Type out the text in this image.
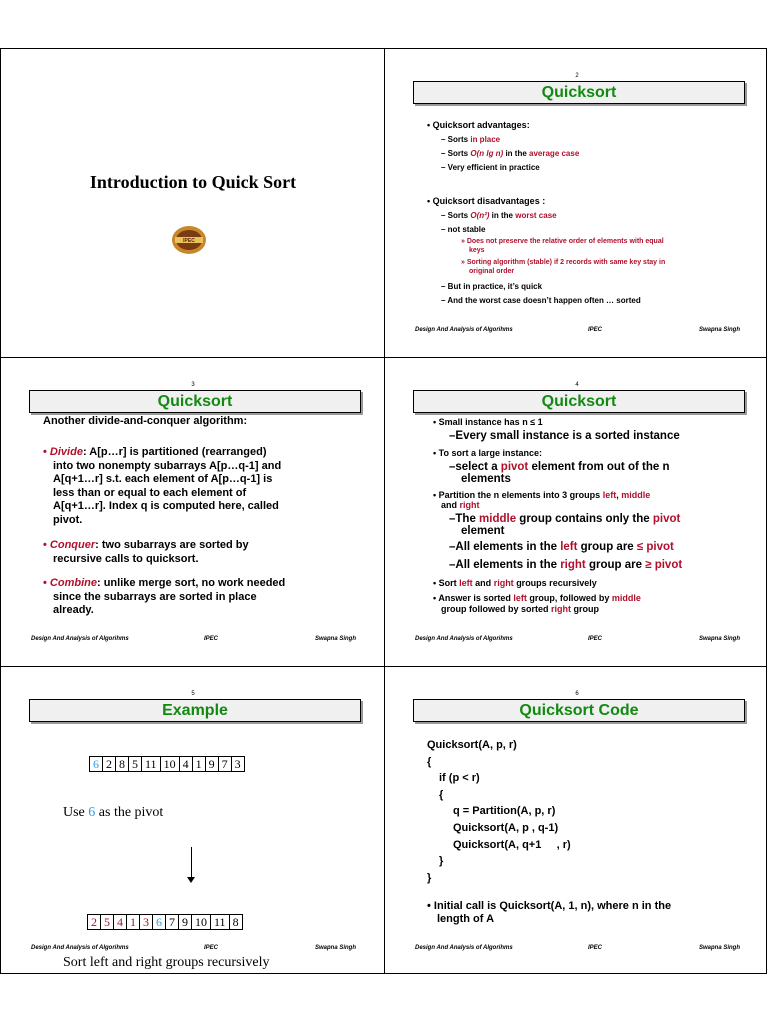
Introduction to Quick Sort
IPEC
2
Quicksort
• Quicksort advantages:
– Sorts in place
– Sorts O(n lg n) in the average case
– Very efficient in practice
• Quicksort disadvantages :
– Sorts O(n²) in the worst case
– not stable
» Does not preserve the relative order of elements with equal
keys
» Sorting algorithm (stable) if 2 records with same key stay in
original order
– But in practice, it’s quick
– And the worst case doesn’t happen often … sorted
Design And Analysis of Algorihms	IPEC	Swapna Singh
3
Quicksort
Another divide-and-conquer algorithm:
• Divide: A[p…r] is partitioned (rearranged)
into two nonempty subarrays A[p…q-1] and
A[q+1…r] s.t. each element of A[p…q-1] is
less than or equal to each element of
A[q+1…r]. Index q is computed here, called
pivot.
• Conquer: two subarrays are sorted by
recursive calls to quicksort.
• Combine: unlike merge sort, no work needed
since the subarrays are sorted in place
already.
Design And Analysis of Algorihms	IPEC	Swapna Singh
4
Quicksort
• Small instance has n ≤ 1
–Every small instance is a sorted instance
• To sort a large instance:
–select a pivot element from out of the n
elements
• Partition the n elements into 3 groups left, middle
and right
–The middle group contains only the pivot
element
–All elements in the left group are ≤ pivot
–All elements in the right group are ≥ pivot
• Sort left and right groups recursively
• Answer is sorted left group, followed by middle
group followed by sorted right group
Design And Analysis of Algorihms	IPEC	Swapna Singh
5
Example
6 2 8 5 11 10 4 1 9 7 3
Use 6 as the pivot
2 5 4 1 3 6 7 9 10 11 8
Sort left and right groups recursively
Design And Analysis of Algorihms	IPEC	Swapna Singh
6
Quicksort Code
Quicksort(A, p, r)
{
if (p < r)
{
q = Partition(A, p, r)
Quicksort(A, p , q-1)
Quicksort(A, q+1     , r)
}
}
• Initial call is Quicksort(A, 1, n), where n in the
length of A
Design And Analysis of Algorihms	IPEC	Swapna Singh
